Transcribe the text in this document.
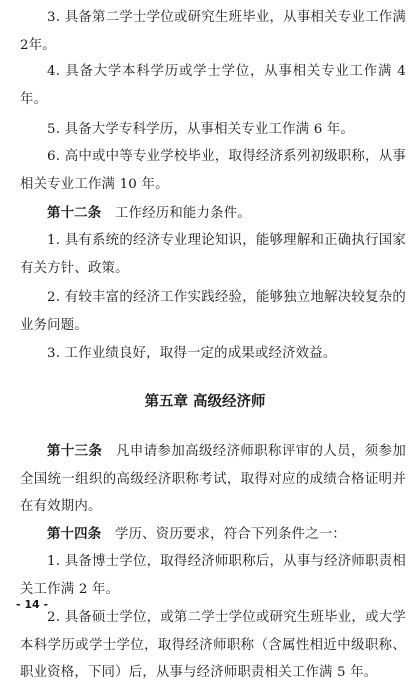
3. 具备第二学士学位或研究生班毕业，从事相关专业工作满2年。

4. 具备大学本科学历或学士学位，从事相关专业工作满 4年。

5. 具备大学专科学历，从事相关专业工作满 6 年。

6. 高中或中等专业学校毕业，取得经济系列初级职称，从事相关专业工作满 10 年。

第十二条　工作经历和能力条件。

1. 具有系统的经济专业理论知识，能够理解和正确执行国家有关方针、政策。

2. 有较丰富的经济工作实践经验，能够独立地解决较复杂的业务问题。

3. 工作业绩良好，取得一定的成果或经济效益。

第五章 高级经济师

第十三条　凡申请参加高级经济师职称评审的人员，须参加全国统一组织的高级经济职称考试，取得对应的成绩合格证明并在有效期内。

第十四条　学历、资历要求，符合下列条件之一：

1. 具备博士学位，取得经济师职称后，从事与经济师职责相关工作满 2 年。

2. 具备硕士学位，或第二学士学位或研究生班毕业，或大学本科学历或学士学位，取得经济师职称（含属性相近中级职称、职业资格，下同）后，从事与经济师职责相关工作满 5 年。

- 14 -
